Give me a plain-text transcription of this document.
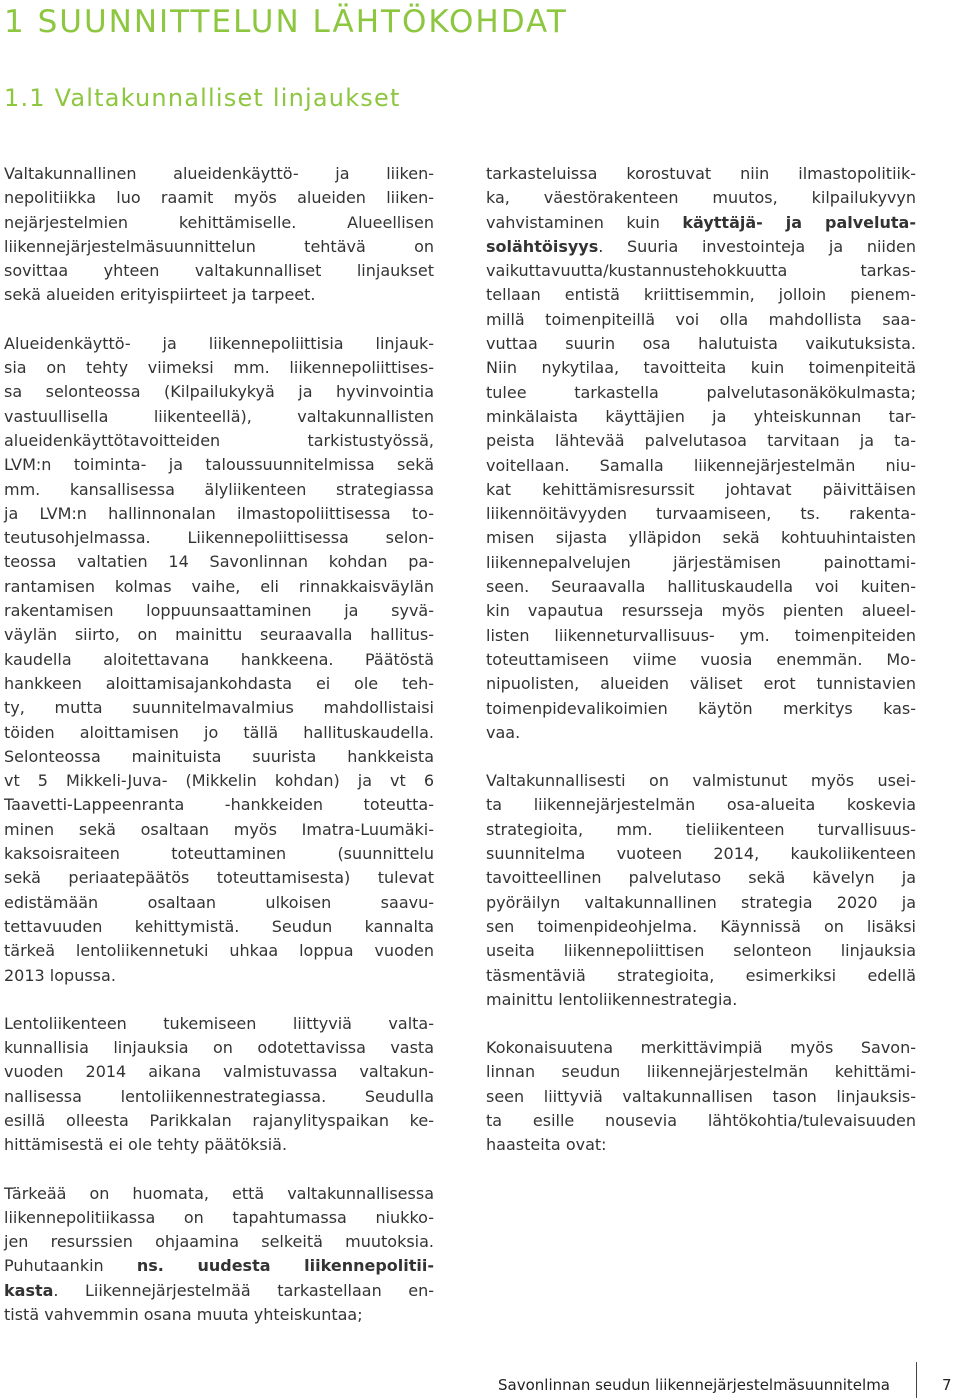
1 SUUNNITTELUN LÄHTÖKOHDAT
1.1 Valtakunnalliset linjaukset

Valtakunnallinen alueidenkäyttö- ja liiken-
nepolitiikka luo raamit myös alueiden liiken-
nejärjestelmien kehittämiselle. Alueellisen
liikennejärjestelmäsuunnittelun tehtävä on
sovittaa yhteen valtakunnalliset linjaukset
sekä alueiden erityispiirteet ja tarpeet.

Alueidenkäyttö- ja liikennepoliittisia linjauk-
sia on tehty viimeksi mm. liikennepoliittises-
sa selonteossa (Kilpailukykyä ja hyvinvointia
vastuullisella liikenteellä), valtakunnallisten
alueidenkäyttötavoitteiden tarkistustyössä,
LVM:n toiminta- ja taloussuunnitelmissa sekä
mm. kansallisessa älyliikenteen strategiassa
ja LVM:n hallinnonalan ilmastopoliittisessa to-
teutusohjelmassa. Liikennepoliittisessa selon-
teossa valtatien 14 Savonlinnan kohdan pa-
rantamisen kolmas vaihe, eli rinnakkaisväylän
rakentamisen loppuunsaattaminen ja syvä-
väylän siirto, on mainittu seuraavalla hallitus-
kaudella aloitettavana hankkeena. Päätöstä
hankkeen aloittamisajankohdasta ei ole teh-
ty, mutta suunnitelmavalmius mahdollistaisi
töiden aloittamisen jo tällä hallituskaudella.
Selonteossa mainituista suurista hankkeista
vt 5 Mikkeli-Juva- (Mikkelin kohdan) ja vt 6
Taavetti-Lappeenranta -hankkeiden toteutta-
minen sekä osaltaan myös Imatra-Luumäki-
kaksoisraiteen toteuttaminen (suunnittelu
sekä periaatepäätös toteuttamisesta) tulevat
edistämään osaltaan ulkoisen saavu-
tettavuuden kehittymistä. Seudun kannalta
tärkeä lentoliikennetuki uhkaa loppua vuoden
2013 lopussa.

Lentoliikenteen tukemiseen liittyviä valta-
kunnallisia linjauksia on odotettavissa vasta
vuoden 2014 aikana valmistuvassa valtakun-
nallisessa lentoliikennestrategiassa. Seudulla
esillä olleesta Parikkalan rajanylityspaikan ke-
hittämisestä ei ole tehty päätöksiä.

Tärkeää on huomata, että valtakunnallisessa
liikennepolitiikassa on tapahtumassa niukko-
jen resurssien ohjaamina selkeitä muutoksia.
Puhutaankin ns. uudesta liikennepolitii-
kasta. Liikennejärjestelmää tarkastellaan en-
tistä vahvemmin osana muuta yhteiskuntaa;

tarkasteluissa korostuvat niin ilmastopolitiik-
ka, väestörakenteen muutos, kilpailukyvyn
vahvistaminen kuin käyttäjä- ja palveluta-
solähtöisyys. Suuria investointeja ja niiden
vaikuttavuutta/kustannustehokkuutta tarkas-
tellaan entistä kriittisemmin, jolloin pienem-
millä toimenpiteillä voi olla mahdollista saa-
vuttaa suurin osa halutuista vaikutuksista.
Niin nykytilaa, tavoitteita kuin toimenpiteitä
tulee tarkastella palvelutasonäkökulmasta;
minkälaista käyttäjien ja yhteiskunnan tar-
peista lähtevää palvelutasoa tarvitaan ja ta-
voitellaan. Samalla liikennejärjestelmän niu-
kat kehittämisresurssit johtavat päivittäisen
liikennöitävyyden turvaamiseen, ts. rakenta-
misen sijasta ylläpidon sekä kohtuuhintaisten
liikennepalvelujen järjestämisen painottami-
seen. Seuraavalla hallituskaudella voi kuiten-
kin vapautua resursseja myös pienten alueel-
listen liikenneturvallisuus- ym. toimenpiteiden
toteuttamiseen viime vuosia enemmän. Mo-
nipuolisten, alueiden väliset erot tunnistavien
toimenpidevalikoimien käytön merkitys kas-
vaa.

Valtakunnallisesti on valmistunut myös usei-
ta liikennejärjestelmän osa-alueita koskevia
strategioita, mm. tieliikenteen turvallisuus-
suunnitelma vuoteen 2014, kaukoliikenteen
tavoitteellinen palvelutaso sekä kävelyn ja
pyöräilyn valtakunnallinen strategia 2020 ja
sen toimenpideohjelma. Käynnissä on lisäksi
useita liikennepoliittisen selonteon linjauksia
täsmentäviä strategioita, esimerkiksi edellä
mainittu lentoliikennestrategia.

Kokonaisuutena merkittävimpiä myös Savon-
linnan seudun liikennejärjestelmän kehittämi-
seen liittyviä valtakunnallisen tason linjauksis-
ta esille nousevia lähtökohtia/tulevaisuuden
haasteita ovat:

Savonlinnan seudun liikennejärjestelmäsuunnitelma	7
